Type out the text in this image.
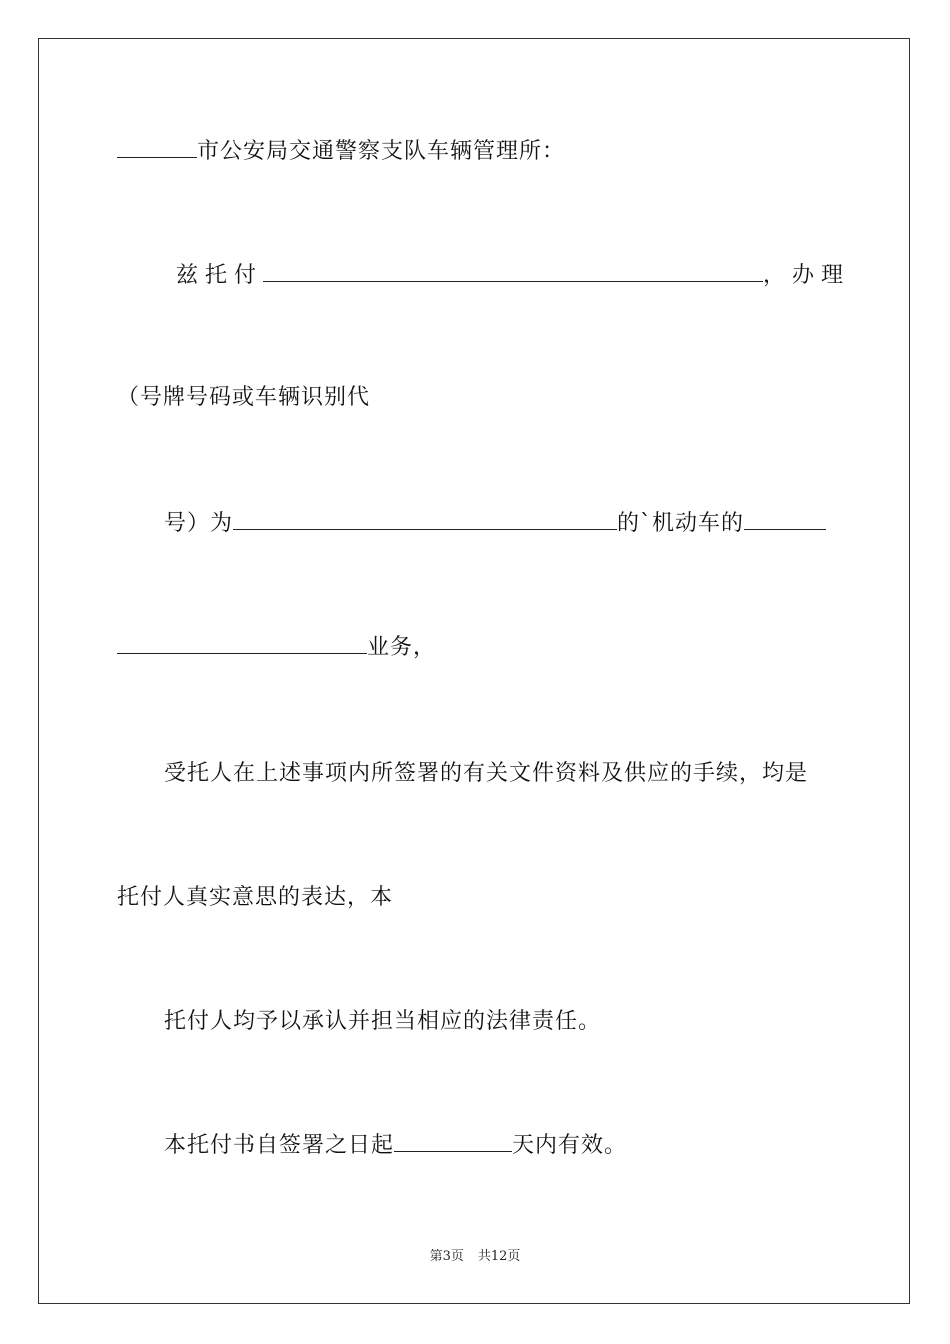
市公安局交通警察支队车辆管理所：
兹托付	，办理
（号牌号码或车辆识别代
号）为	的`机动车的
业务，
受托人在上述事项内所签署的有关文件资料及供应的手续，均是
托付人真实意思的表达，本
托付人均予以承认并担当相应的法律责任。
本托付书自签署之日起	天内有效。
第3页 共12页
